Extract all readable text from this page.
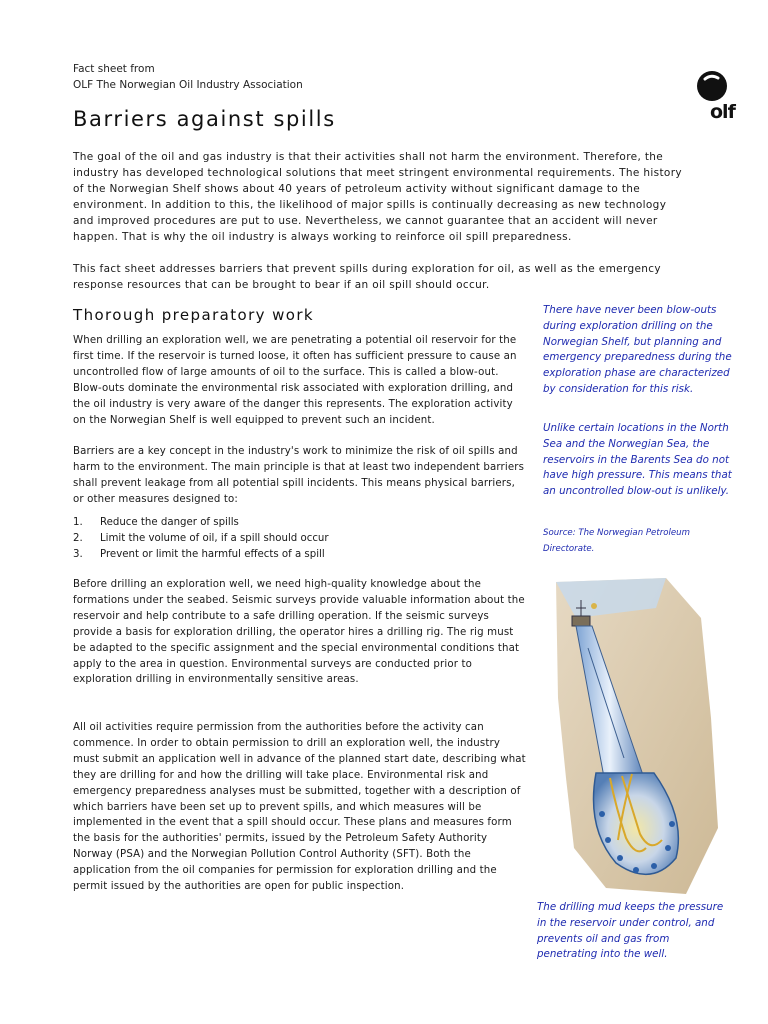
Fact sheet from
OLF The Norwegian Oil Industry Association
olf
Barriers against spills

The goal of the oil and gas industry is that their activities shall not harm the environment. Therefore, the industry has developed technological solutions that meet stringent environmental requirements. The history of the Norwegian Shelf shows about 40 years of petroleum activity without significant damage to the environment. In addition to this, the likelihood of major spills is continually decreasing as new technology and improved procedures are put to use. Nevertheless, we cannot guarantee that an accident will never happen. That is why the oil industry is always working to reinforce oil spill preparedness.

This fact sheet addresses barriers that prevent spills during exploration for oil, as well as the emergency response resources that can be brought to bear if an oil spill should occur.

Thorough preparatory work

When drilling an exploration well, we are penetrating a potential oil reservoir for the first time. If the reservoir is turned loose, it often has sufficient pressure to cause an uncontrolled flow of large amounts of oil to the surface. This is called a blow-out. Blow-outs dominate the environmental risk associated with exploration drilling, and the oil industry is very aware of the danger this represents. The exploration activity on the Norwegian Shelf is well equipped to prevent such an incident.

Barriers are a key concept in the industry's work to minimize the risk of oil spills and harm to the environment. The main principle is that at least two independent barriers shall prevent leakage from all potential spill incidents. This means physical barriers, or other measures designed to:

1.	Reduce the danger of spills
2.	Limit the volume of oil, if a spill should occur
3.	Prevent or limit the harmful effects of a spill

Before drilling an exploration well, we need high-quality knowledge about the formations under the seabed. Seismic surveys provide valuable information about the reservoir and help contribute to a safe drilling operation. If the seismic surveys provide a basis for exploration drilling, the operator hires a drilling rig. The rig must be adapted to the specific assignment and the special environmental conditions that apply to the area in question. Environmental surveys are conducted prior to exploration drilling in environmentally sensitive areas.

All oil activities require permission from the authorities before the activity can commence. In order to obtain permission to drill an exploration well, the industry must submit an application well in advance of the planned start date, describing what they are drilling for and how the drilling will take place. Environmental risk and emergency preparedness analyses must be submitted, together with a description of which barriers have been set up to prevent spills, and which measures will be implemented in the event that a spill should occur. These plans and measures form the basis for the authorities' permits, issued by the Petroleum Safety Authority Norway (PSA) and the Norwegian Pollution Control Authority (SFT). Both the application from the oil companies for permission for exploration drilling and the permit issued by the authorities are open for public inspection.

There have never been blow-outs during exploration drilling on the Norwegian Shelf, but planning and emergency preparedness during the exploration phase are characterized by consideration for this risk.

Unlike certain locations in the North Sea and the Norwegian Sea, the reservoirs in the Barents Sea do not have high pressure. This means that an uncontrolled blow-out is unlikely.

Source: The Norwegian Petroleum Directorate.

The drilling mud keeps the pressure in the reservoir under control, and prevents oil and gas from penetrating into the well.
